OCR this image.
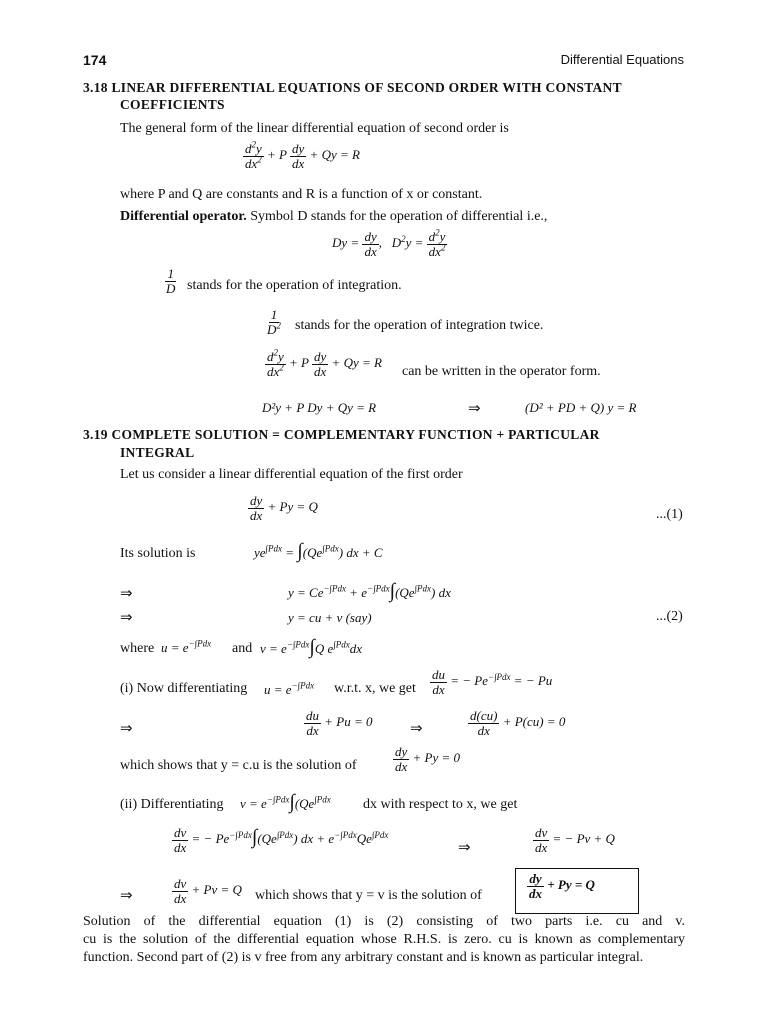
174	Differential Equations
3.18 LINEAR DIFFERENTIAL EQUATIONS OF SECOND ORDER WITH CONSTANT
COEFFICIENTS
The general form of the linear differential equation of second order is
$\frac{d^2y}{dx^2} + P \frac{dy}{dx} + Qy = R$
where P and Q are constants and R is a function of x or constant.
Differential operator. Symbol D stands for the operation of differential i.e.,
$Dy = \frac{dy}{dx}$ ,   $D^2y = \frac{d^2y}{dx^2}$
$\frac{1}{D}$ stands for the operation of integration.
$\frac{1}{D^2}$ stands for the operation of integration twice.
$\frac{d^2y}{dx^2} + P \frac{dy}{dx} + Qy = R$
can be written in the operator form.
D²y + P Dy + Qy = R	⇒	(D² + PD + Q) y = R
3.19 COMPLETE SOLUTION = COMPLEMENTARY FUNCTION + PARTICULAR
INTEGRAL
Let us consider a linear differential equation of the first order
$\frac{dy}{dx} + Py = Q$
...(1)
Its solution is	$ye^{\int Pdx} = \int(Qe^{\int Pdx})$ dx + C
⇒	$y = Ce^{-\int Pdx} + e^{-\int Pdx}\int(Qe^{\int Pdx})$ dx
⇒	y = cu + v (say)	...(2)
where $u = e^{-\int Pdx}$ and $v = e^{-\int Pdx}\int Q$ $e^{\int Pdx}dx$
(i) Now differentiating $u = e^{-\int Pdx}$ w.r.t. x, we get $\frac{du}{dx}$ = − $Pe^{-\int Pdx}$ = − Pu
⇒	$\frac{du}{dx} + Pu = 0$	⇒	$\frac{d(cu)}{dx} + P(cu) = 0$
which shows that y = c.u is the solution of	$\frac{dy}{dx} + Py = 0$
(ii) Differentiating $v = e^{-\int Pdx}\int(Qe^{\int Pdx}$ dx with respect to x, we get
$\frac{dv}{dx}$ = − $Pe^{-\int Pdx}\int(Qe^{\int Pdx})$ dx + $e^{-\int Pdx}Qe^{\int Pdx}$
⇒	$\frac{dv}{dx}$ = − Pv + Q
⇒	$\frac{dv}{dx} + Pv = Q$ which shows that y = v is the solution of	$\frac{dy}{dx} + Py = Q$
Solution of the differential equation (1) is (2) consisting of two parts i.e. cu and v.
cu is the solution of the differential equation whose R.H.S. is zero. cu is known as complementary
function. Second part of (2) is v free from any arbitrary constant and is known as particular integral.
